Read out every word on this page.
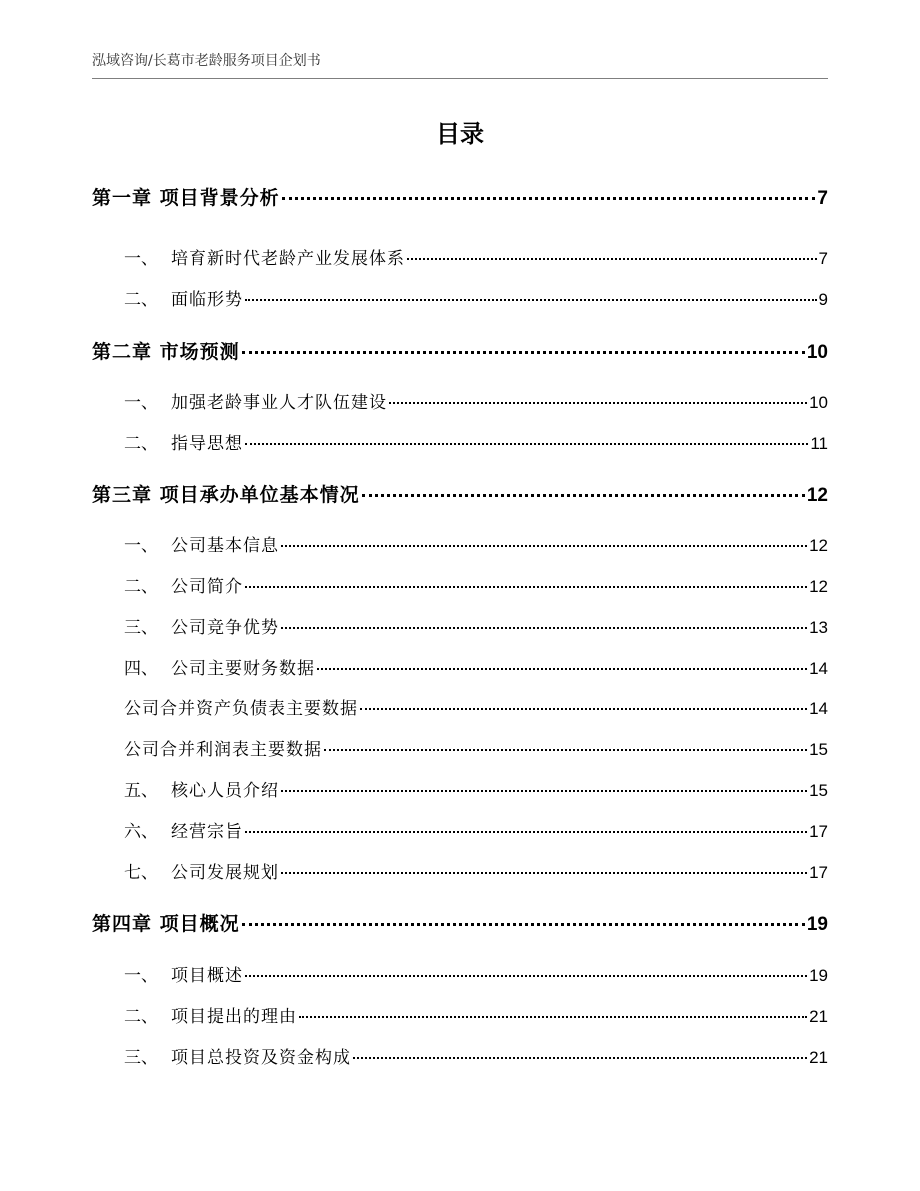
泓域咨询/长葛市老龄服务项目企划书
目录
第一章 项目背景分析	7
一、 培育新时代老龄产业发展体系	7
二、 面临形势	9
第二章 市场预测	10
一、 加强老龄事业人才队伍建设	10
二、 指导思想	11
第三章 项目承办单位基本情况	12
一、 公司基本信息	12
二、 公司简介	12
三、 公司竞争优势	13
四、 公司主要财务数据	14
公司合并资产负债表主要数据	14
公司合并利润表主要数据	15
五、 核心人员介绍	15
六、 经营宗旨	17
七、 公司发展规划	17
第四章 项目概况	19
一、 项目概述	19
二、 项目提出的理由	21
三、 项目总投资及资金构成	21
